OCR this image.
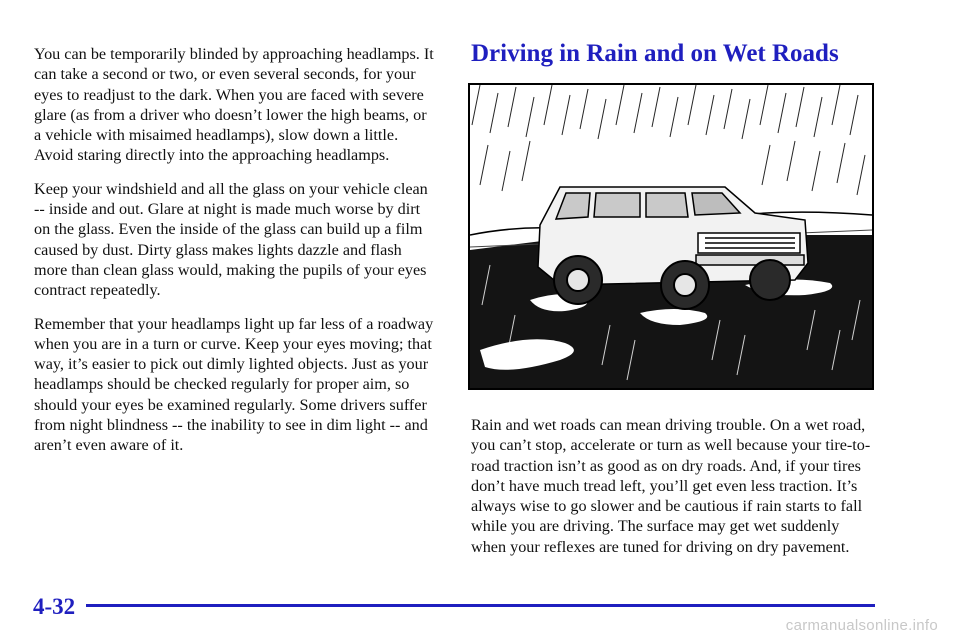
You can be temporarily blinded by approaching headlamps. It can take a second or two, or even several seconds, for your eyes to readjust to the dark. When you are faced with severe glare (as from a driver who doesn’t lower the high beams, or a vehicle with misaimed headlamps), slow down a little. Avoid staring directly into the approaching headlamps.

Keep your windshield and all the glass on your vehicle clean -- inside and out. Glare at night is made much worse by dirt on the glass. Even the inside of the glass can build up a film caused by dust. Dirty glass makes lights dazzle and flash more than clean glass would, making the pupils of your eyes contract repeatedly.

Remember that your headlamps light up far less of a roadway when you are in a turn or curve. Keep your eyes moving; that way, it’s easier to pick out dimly lighted objects. Just as your headlamps should be checked regularly for proper aim, so should your eyes be examined regularly. Some drivers suffer from night blindness -- the inability to see in dim light -- and aren’t even aware of it.

Driving in Rain and on Wet Roads

Rain and wet roads can mean driving trouble. On a wet road, you can’t stop, accelerate or turn as well because your tire-to-road traction isn’t as good as on dry roads. And, if your tires don’t have much tread left, you’ll get even less traction. It’s always wise to go slower and be cautious if rain starts to fall while you are driving. The surface may get wet suddenly when your reflexes are tuned for driving on dry pavement.

4-32

carmanualsonline.info
